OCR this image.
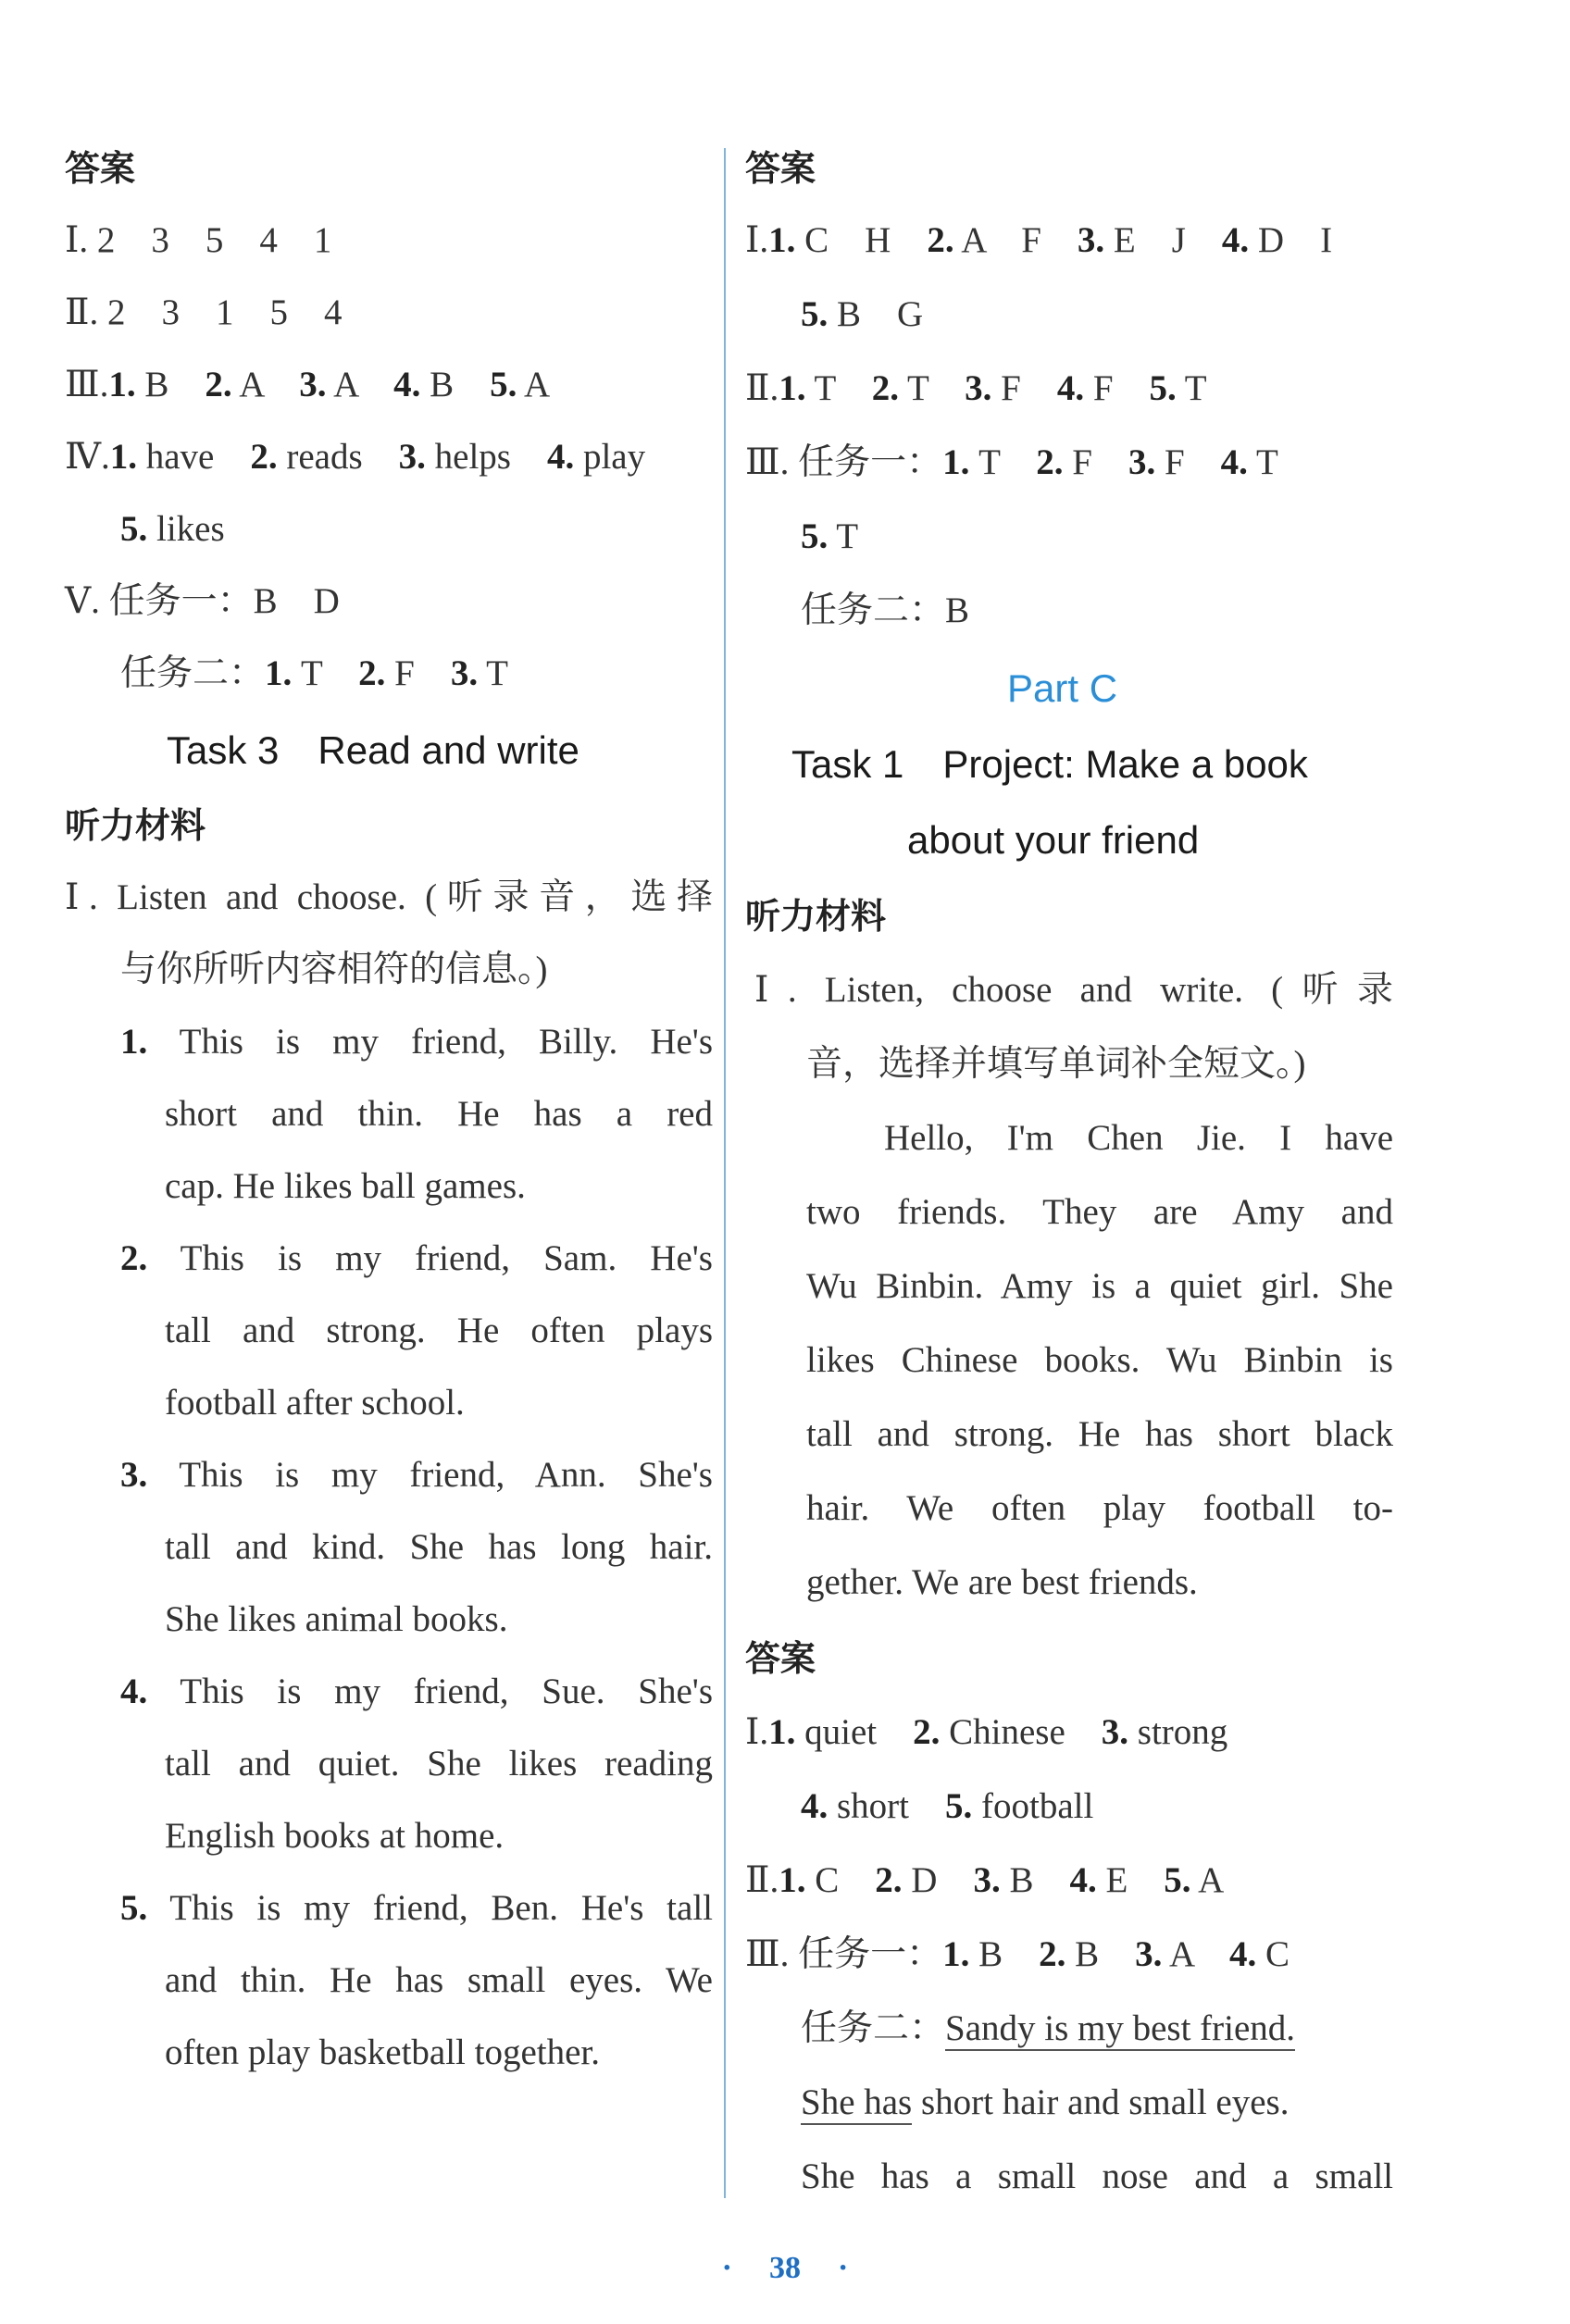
答案
Ⅰ. 2　3　5　4　1
Ⅱ. 2　3　1　5　4
Ⅲ.1. B　2. A　3. A　4. B　5. A
Ⅳ.1. have　2. reads　3. helps　4. play
5. likes
Ⅴ. 任务一：B　D
任务二：1. T　2. F　3. T
Task 3　Read and write
听力材料
Ⅰ. Listen and choose. (听录音，选择
与你所听内容相符的信息。)
1. This is my friend, Billy. He's
short and thin. He has a red
cap. He likes ball games.
2. This is my friend, Sam. He's
tall and strong. He often plays
football after school.
3. This is my friend, Ann. She's
tall and kind. She has long hair.
She likes animal books.
4. This is my friend, Sue. She's
tall and quiet. She likes reading
English books at home.
5. This is my friend, Ben. He's tall
and thin. He has small eyes. We
often play basketball together.
答案
Ⅰ.1. C　H　2. A　F　3. E　J　4. D　I
5. B　G
Ⅱ.1. T　2. T　3. F　4. F　5. T
Ⅲ. 任务一：1. T　2. F　3. F　4. T
5. T
任务二：B
Part C
Task 1　Project: Make a book
about your friend
听力材料
Ⅰ. Listen, choose and write. (听录
音，选择并填写单词补全短文。)
Hello, I'm Chen Jie. I have
two friends. They are Amy and
Wu Binbin. Amy is a quiet girl. She
likes Chinese books. Wu Binbin is
tall and strong. He has short black
hair. We often play football to-
gether. We are best friends.
答案
Ⅰ.1. quiet　2. Chinese　3. strong
4. short　5. football
Ⅱ.1. C　2. D　3. B　4. E　5. A
Ⅲ. 任务一：1. B　2. B　3. A　4. C
任务二：Sandy is my best friend.
She has short hair and small eyes.
She has a small nose and a small
· 38 ·
